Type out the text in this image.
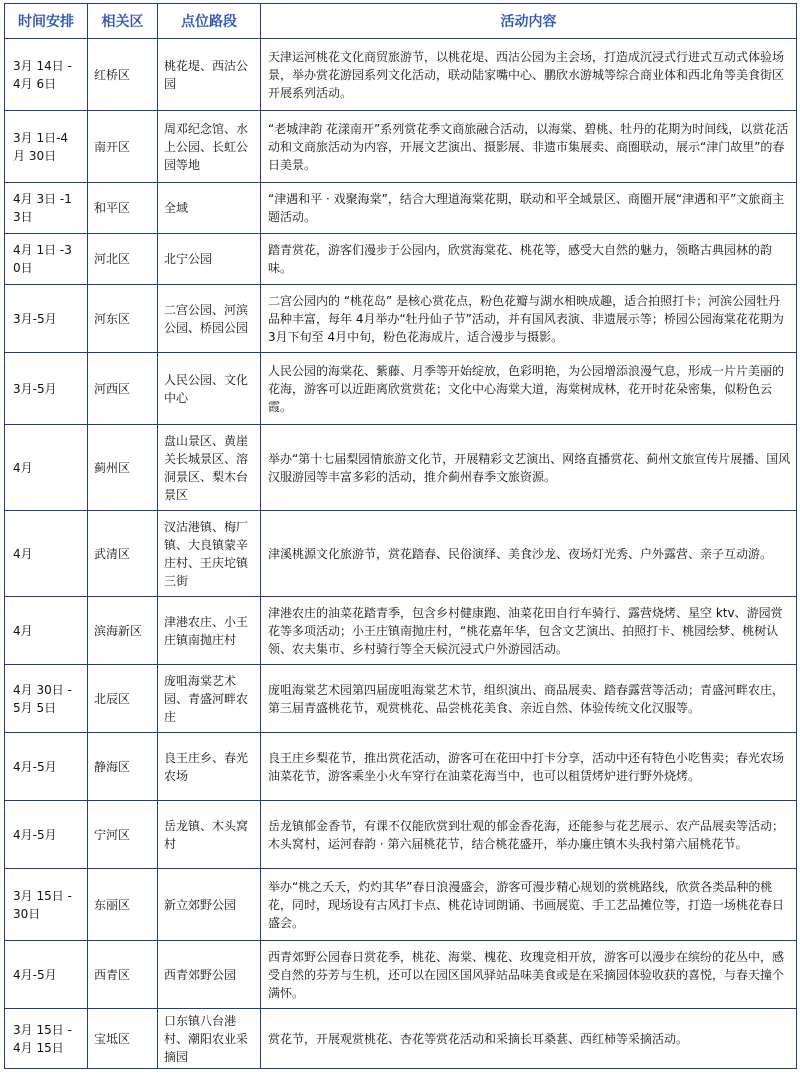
时间安排	相关区	点位路段	活动内容
3月 14日 -4月 6日	红桥区	桃花堤、西沽公园	天津运河桃花文化商贸旅游节，以桃花堤、西沽公园为主会场，打造成沉浸式行进式互动式体验场景，举办赏花游园系列文化活动，联动陆家嘴中心、鹏欣水游城等综合商业体和西北角等美食街区开展系列活动。
3月 1日-4月 30日	南开区	周邓纪念馆、水上公园、长虹公园等地	“老城津韵 花漾南开”系列赏花季文商旅融合活动，以海棠、碧桃、牡丹的花期为时间线，以赏花活动和文商旅活动为内容，开展文艺演出、摄影展、非遗市集展卖、商圈联动，展示“津门故里”的春日美景。
4月 3日 -13日	和平区	全域	“津遇和平 · 戏聚海棠”，结合大理道海棠花期，联动和平全域景区、商圈开展“津遇和平”文旅商主题活动。
4月 1日 -30日	河北区	北宁公园	踏青赏花，游客们漫步于公园内，欣赏海棠花、桃花等，感受大自然的魅力，领略古典园林的韵味。
3月-5月	河东区	二宫公园、河滨公园、桥园公园	二宫公园内的 “桃花岛” 是核心赏花点，粉色花瓣与湖水相映成趣，适合拍照打卡；河滨公园牡丹品种丰富，每年 4月举办“牡丹仙子节”活动，并有国风表演、非遗展示等；桥园公园海棠花花期为 3月下旬至 4月中旬，粉色花海成片，适合漫步与摄影。
3月-5月	河西区	人民公园、文化中心	人民公园的海棠花、紫藤、月季等开始绽放，色彩明艳，为公园增添浪漫气息，形成一片片美丽的花海，游客可以近距离欣赏赏花；文化中心海棠大道，海棠树成林，花开时花朵密集，似粉色云霞。
4月	蓟州区	盘山景区、黄崖关长城景区、溶洞景区、梨木台景区	举办“第十七届梨园情旅游文化节，开展精彩文艺演出、网络直播赏花、蓟州文旅宣传片展播、国风汉服游园等丰富多彩的活动，推介蓟州春季文旅资源。
4月	武清区	汊沽港镇、梅厂镇、大良镇蒙辛庄村、王庆坨镇三街	津溪桃源文化旅游节，赏花踏春、民俗演绎、美食沙龙、夜场灯光秀、户外露营、亲子互动游。
4月	滨海新区	津港农庄、小王庄镇南抛庄村	津港农庄的油菜花踏青季，包含乡村健康跑、油菜花田自行车骑行、露营烧烤、星空 ktv、游园赏花等多项活动；小王庄镇南抛庄村，“桃花嘉年华，包含文艺演出、拍照打卡、桃园绘梦、桃树认领、农夫集市、乡村骑行等全天候沉浸式户外游园活动。
4月 30日 -5月 5日	北辰区	庞咀海棠艺术园、青盛河畔农庄	庞咀海棠艺术园第四届庞咀海棠艺术节，组织演出、商品展卖、踏春露营等活动；青盛河畔农庄，第三届青盛桃花节，观赏桃花、品尝桃花美食、亲近自然、体验传统文化汉服等。
4月-5月	静海区	良王庄乡、春光农场	良王庄乡梨花节，推出赏花活动，游客可在花田中打卡分享，活动中还有特色小吃售卖；春光农场油菜花节，游客乘坐小火车穿行在油菜花海当中，也可以租赁烤炉进行野外烧烤。
4月-5月	宁河区	岳龙镇、木头窝村	岳龙镇郁金香节，有课不仅能欣赏到壮观的郁金香花海，还能参与花艺展示、农产品展卖等活动；木头窝村，运河春韵 · 第六届桃花节，结合桃花盛开，举办廉庄镇木头我村第六届桃花节。
3月 15日 -30日	东丽区	新立郊野公园	举办“桃之夭夭，灼灼其华”春日浪漫盛会，游客可漫步精心规划的赏桃路线，欣赏各类品种的桃花，同时，现场设有古风打卡点、桃花诗词朗诵、书画展览、手工艺品摊位等，打造一场桃花春日盛会。
4月-5月	西青区	西青郊野公园	西青郊野公园春日赏花季，桃花、海棠、槐花、玫瑰竞相开放，游客可以漫步在缤纷的花丛中，感受自然的芬芳与生机，还可以在园区国风驿站品味美食或是在采摘园体验收获的喜悦，与春天撞个满怀。
3月 15日 -4月 15日	宝坻区	口东镇八台港村、潮阳农业采摘园	赏花节，开展观赏桃花、杏花等赏花活动和采摘长耳桑葚、西红柿等采摘活动。
